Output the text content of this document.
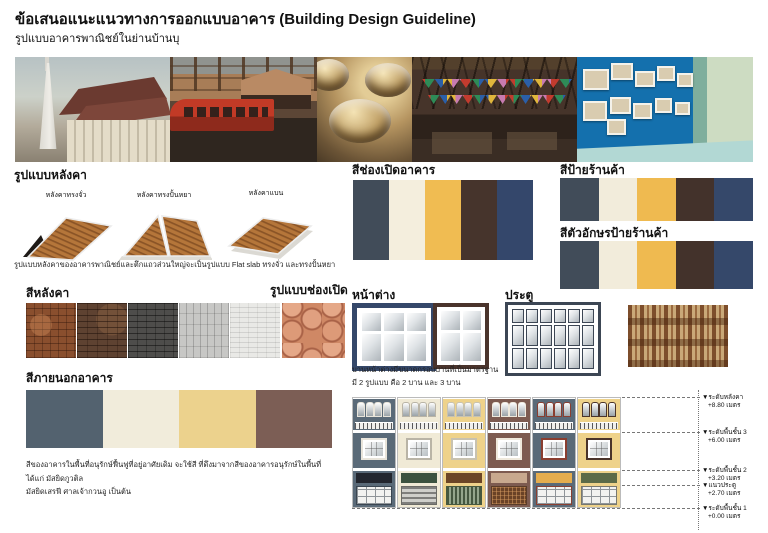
ข้อเสนอแนะแนวทางการออกแบบอาคาร (Building Design Guideline)
รูปแบบอาคารพาณิชย์ในย่านบ้านบุ
รูปแบบหลังคา
หลังคาทรงจั่ว	หลังคาทรงปั้นหยา	หลังคาแบน
รูปแบบหลังคาของอาคารพาณิชย์และตึกแถวส่วนใหญ่จะเป็นรูปแบบ Flat slab ทรงจั่ว และทรงปั้นหยา
สีหลังคา	รูปแบบช่องเปิด
สีภายนอกอาคาร
สีของอาคารในพื้นที่อนุรักษ์ฟื้นฟูที่อยู่อาศัยเดิม จะใช้สี ที่ดึงมาจากสีของอาคารอนุรักษ์ในพื้นที่ ได้แก่ มัสยิดกูวติล
มัสยิดเสรฟี ศาลเจ้ากวนอู เป็นต้น
สีช่องเปิดอาคาร	สีป้ายร้านค้า
สีตัวอักษรป้ายร้านค้า
หน้าต่าง
บานหน้าต่างมีขนาดกรอบบานที่เป็นมาตรฐาน
มี 2 รูปแบบ คือ 2 บาน และ 3 บาน
ประตู
▼ระดับหลังคา
+8.80 เมตร
▼ระดับพื้นชั้น 3
+6.00 เมตร
▼ระดับพื้นชั้น 2
+3.20 เมตร
▼แนวประตู
+2.70 เมตร
▼ระดับพื้นชั้น 1
+0.00 เมตร
